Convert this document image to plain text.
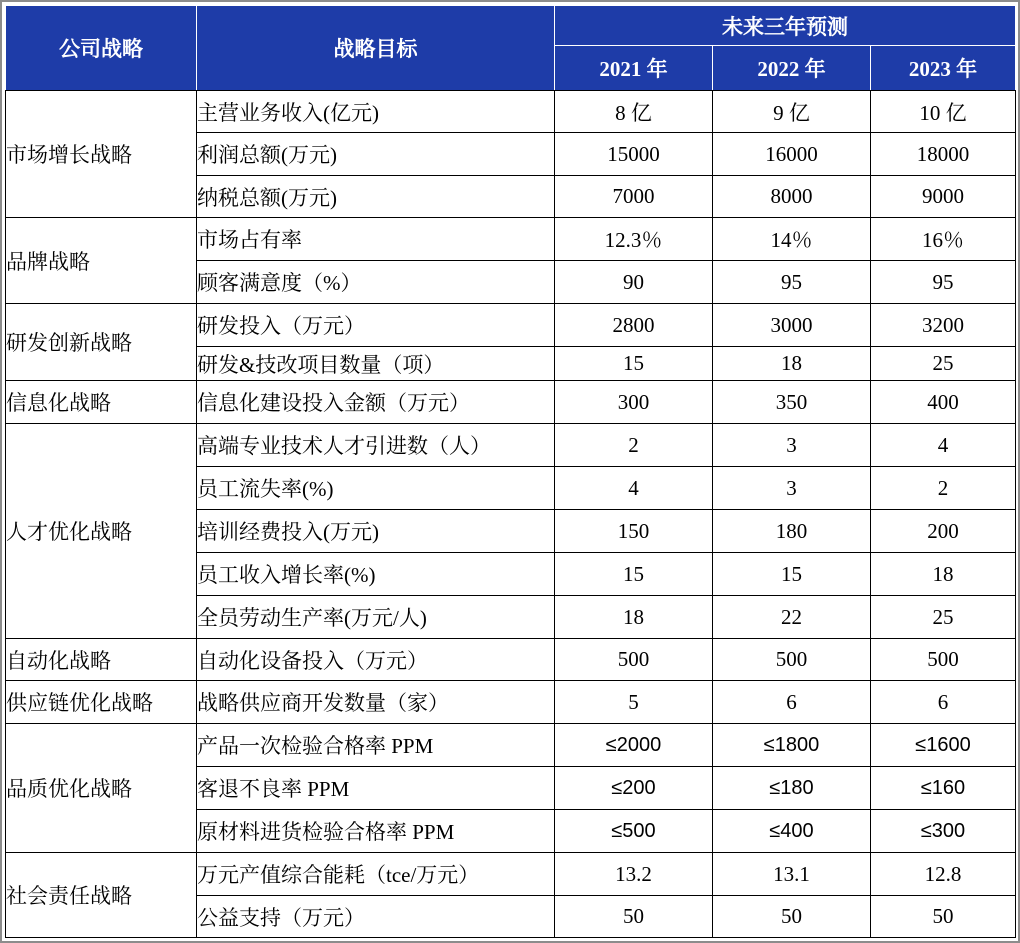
公司战略	战略目标	未来三年预测		
		2021 年	2022 年	2023 年
市场增长战略	主营业务收入(亿元)	8 亿	9 亿	10 亿
	利润总额(万元)	15000	16000	18000
	纳税总额(万元)	7000	8000	9000
品牌战略	市场占有率	12.3％	14％	16％
	顾客满意度（%）	90	95	95
研发创新战略	研发投入（万元）	2800	3000	3200
	研发&技改项目数量（项）	15	18	25
信息化战略	信息化建设投入金额（万元）	300	350	400
人才优化战略	高端专业技术人才引进数（人）	2	3	4
	员工流失率(%)	4	3	2
	培训经费投入(万元)	150	180	200
	员工收入增长率(%)	15	15	18
	全员劳动生产率(万元/人)	18	22	25
自动化战略	自动化设备投入（万元）	500	500	500
供应链优化战略	战略供应商开发数量（家）	5	6	6
品质优化战略	产品一次检验合格率 PPM	≤2000	≤1800	≤1600
	客退不良率 PPM	≤200	≤180	≤160
	原材料进货检验合格率 PPM	≤500	≤400	≤300
社会责任战略	万元产值综合能耗（tce/万元）	13.2	13.1	12.8
	公益支持（万元）	50	50	50
